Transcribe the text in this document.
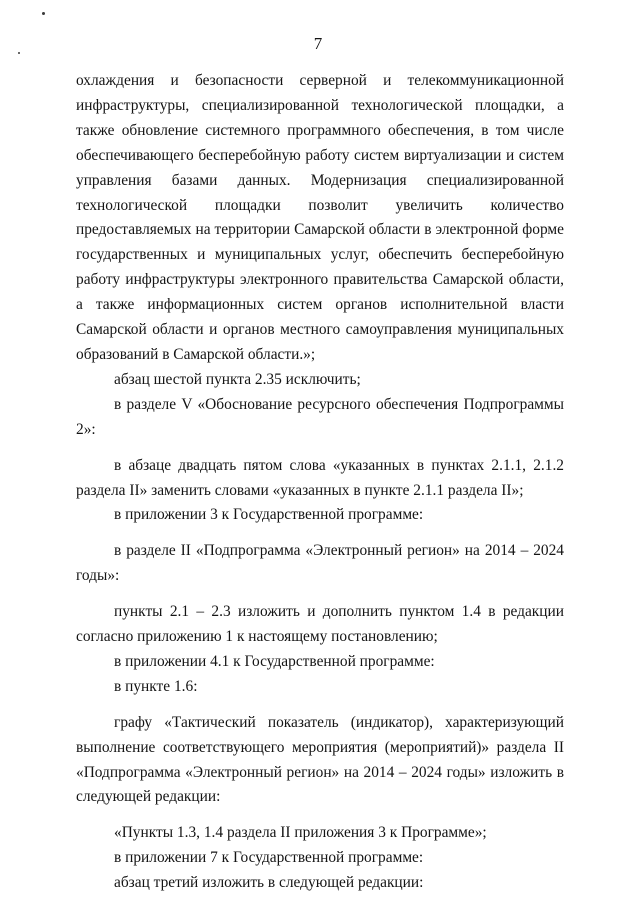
7

охлаждения и безопасности серверной и телекоммуникационной инфраструктуры, специализированной технологической площадки, а также обновление системного программного обеспечения, в том числе обеспечивающего бесперебойную работу систем виртуализации и систем управления базами данных. Модернизация специализированной технологической площадки позволит увеличить количество предоставляемых на территории Самарской области в электронной форме государственных и муниципальных услуг, обеспечить бесперебойную работу инфраструктуры электронного правительства Самарской области, а также информационных систем органов исполнительной власти Самарской области и органов местного самоуправления муниципальных образований в Самарской области.»;

абзац шестой пункта 2.35 исключить;

в разделе V «Обоснование ресурсного обеспечения Подпрограммы 2»:

в абзаце двадцать пятом слова «указанных в пунктах 2.1.1, 2.1.2 раздела II» заменить словами «указанных в пункте 2.1.1 раздела II»;

в приложении 3 к Государственной программе:

в разделе II «Подпрограмма «Электронный регион» на 2014 – 2024 годы»:

пункты 2.1 – 2.3 изложить и дополнить пунктом 1.4 в редакции согласно приложению 1 к настоящему постановлению;

в приложении 4.1 к Государственной программе:

в пункте 1.6:

графу «Тактический показатель (индикатор), характеризующий выполнение соответствующего мероприятия (мероприятий)» раздела II «Подпрограмма «Электронный регион» на 2014 – 2024 годы» изложить в следующей редакции:

«Пункты 1.3, 1.4 раздела II приложения 3 к Программе»;

в приложении 7 к Государственной программе:

абзац третий изложить в следующей редакции:
